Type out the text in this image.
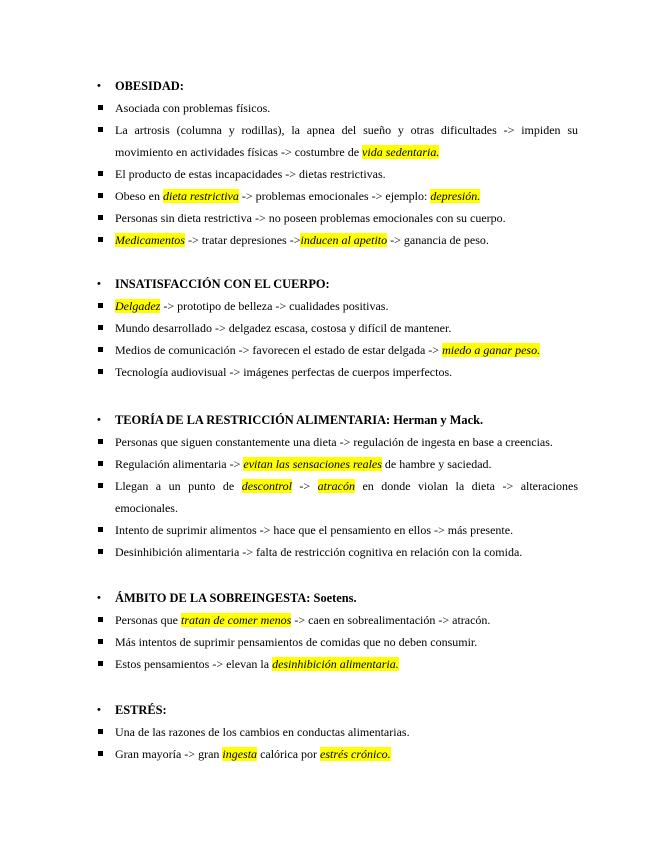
• OBESIDAD:
Asociada con problemas físicos.
La artrosis (columna y rodillas), la apnea del sueño y otras dificultades -> impiden su movimiento en actividades físicas -> costumbre de vida sedentaria.
El producto de estas incapacidades -> dietas restrictivas.
Obeso en dieta restrictiva -> problemas emocionales -> ejemplo: depresión.
Personas sin dieta restrictiva -> no poseen problemas emocionales con su cuerpo.
Medicamentos -> tratar depresiones ->inducen al apetito -> ganancia de peso.
• INSATISFACCIÓN CON EL CUERPO:
Delgadez -> prototipo de belleza -> cualidades positivas.
Mundo desarrollado -> delgadez escasa, costosa y difícil de mantener.
Medios de comunicación -> favorecen el estado de estar delgada -> miedo a ganar peso.
Tecnología audiovisual -> imágenes perfectas de cuerpos imperfectos.
• TEORÍA DE LA RESTRICCIÓN ALIMENTARIA: Herman y Mack.
Personas que siguen constantemente una dieta -> regulación de ingesta en base a creencias.
Regulación alimentaria -> evitan las sensaciones reales de hambre y saciedad.
Llegan a un punto de descontrol -> atracón en donde violan la dieta -> alteraciones emocionales.
Intento de suprimir alimentos -> hace que el pensamiento en ellos -> más presente.
Desinhibición alimentaria -> falta de restricción cognitiva en relación con la comida.
• ÁMBITO DE LA SOBREINGESTA: Soetens.
Personas que tratan de comer menos -> caen en sobrealimentación -> atracón.
Más intentos de suprimir pensamientos de comidas que no deben consumir.
Estos pensamientos -> elevan la desinhibición alimentaria.
• ESTRÉS:
Una de las razones de los cambios en conductas alimentarias.
Gran mayoría -> gran ingesta calórica por estrés crónico.
